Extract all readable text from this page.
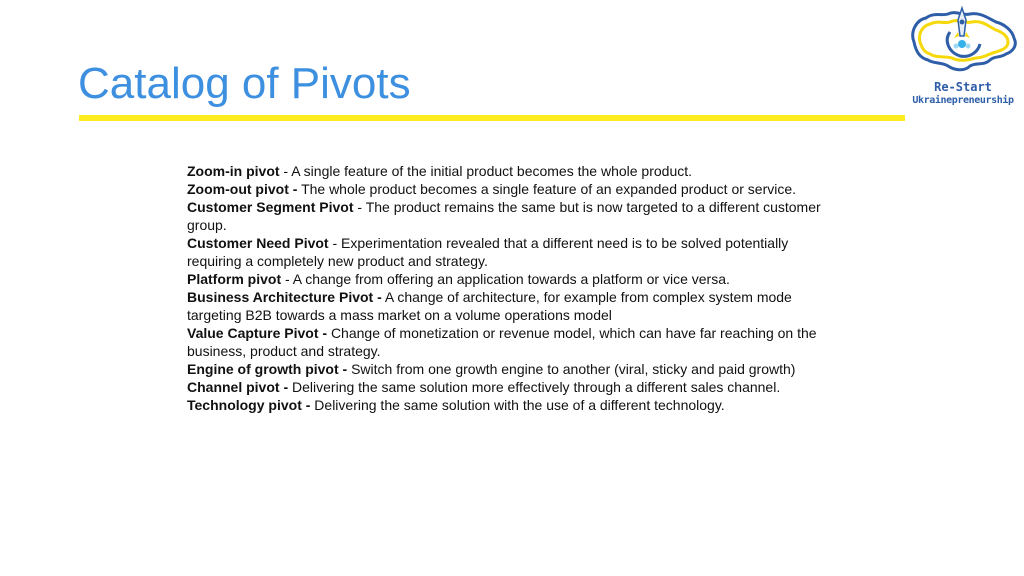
Catalog of Pivots	Re-Start
Ukrainepreneurship
Zoom-in pivot - A single feature of the initial product becomes the whole product.
Zoom-out pivot - The whole product becomes a single feature of an expanded product or service.
Customer Segment Pivot - The product remains the same but is now targeted to a different customer group.
Customer Need Pivot - Experimentation revealed that a different need is to be solved potentially requiring a completely new product and strategy.
Platform pivot - A change from offering an application towards a platform or vice versa.
Business Architecture Pivot - A change of architecture, for example from complex system mode targeting B2B towards a mass market on a volume operations model
Value Capture Pivot - Change of monetization or revenue model, which can have far reaching on the business, product and strategy.
Engine of growth pivot - Switch from one growth engine to another (viral, sticky and paid growth)
Channel pivot - Delivering the same solution more effectively through a different sales channel.
Technology pivot - Delivering the same solution with the use of a different technology.
